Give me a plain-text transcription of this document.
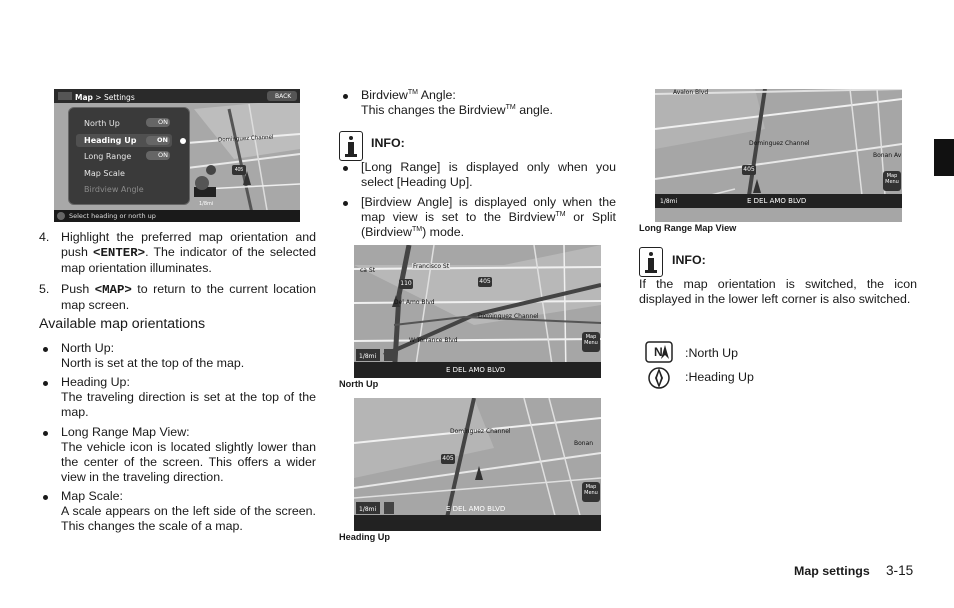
Map > Settings	BACK
North Up	ON
Heading Up	ON
Long Range	ON
Map Scale
Birdview Angle
Dominguez Channel
405
1/8mi
Select heading or north up
4. Highlight the preferred map orientation and push <ENTER>. The indicator of the selected map orientation illuminates.
5. Push <MAP> to return to the current location map screen.
Available map orientations
North Up:
North is set at the top of the map.
Heading Up:
The traveling direction is set at the top of the map.
Long Range Map View:
The vehicle icon is located slightly lower than the center of the screen. This offers a wider view in the traveling direction.
Map Scale:
A scale appears on the left side of the screen. This changes the scale of a map.
Birdview™ Angle:
This changes the Birdview™ angle.
INFO:
[Long Range] is displayed only when you select [Heading Up].
[Birdview Angle] is displayed only when the map view is set to the Birdview™ or Split (Birdview™) mode.
1/8mi
Francisco St
ca St
Del Amo Blvd
W Torrance Blvd
110	405
Dominguez Channel
E DEL AMO BLVD
Map Menu
North Up
1/8mi
Dominguez Channel
405
Bonan
E DEL AMO BLVD
Map Menu
Heading Up
Avalon Blvd
Dominguez Channel
405
Bonan Av
1/8mi	E DEL AMO BLVD
Map Menu
Long Range Map View
INFO:
If the map orientation is switched, the icon displayed in the lower left corner is also switched.
N :North Up
:Heading Up
Map settings 3-15
